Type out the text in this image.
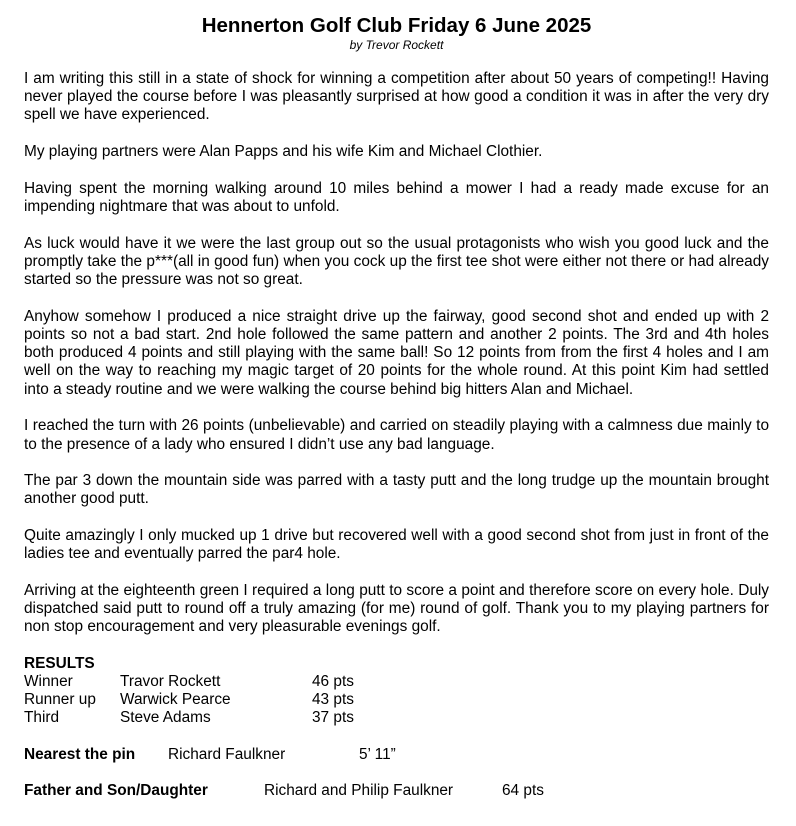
Hennerton Golf Club Friday 6 June 2025

by Trevor Rockett

I am writing this still in a state of shock for winning a competition after about 50 years of competing!! Having never played the course before I was pleasantly surprised at how good a condition it was in after the very dry spell we have experienced.

My playing partners were Alan Papps and his wife Kim and Michael Clothier.

Having spent the morning walking around 10 miles behind a mower I had a ready made excuse for an impending nightmare that was about to unfold.

As luck would have it we were the last group out so the usual protagonists who wish you good luck and the promptly take the p***(all in good fun) when you cock up the first tee shot were either not there or had already started so the pressure was not so great.

Anyhow somehow I produced a nice straight drive up the fairway, good second shot and ended up with 2 points so not a bad start. 2nd hole followed the same pattern and another 2 points. The 3rd and 4th holes both produced 4 points and still playing with the same ball! So 12 points from from the first 4 holes and I am well on the way to reaching my magic target of 20 points for the whole round. At this point Kim had settled into a steady routine and we were walking the course behind big hitters Alan and Michael.

I reached the turn with 26 points (unbelievable) and carried on steadily playing with a calmness due mainly to to the presence of a lady who ensured I didn’t use any bad language.

The par 3 down the mountain side was parred with a tasty putt and the long trudge up the mountain brought another good putt.

Quite amazingly I only mucked up 1 drive but recovered well with a good second shot from just in front of the ladies tee and eventually parred the par4 hole.

Arriving at the eighteenth green I required a long putt to score a point and therefore score on every hole. Duly dispatched said putt to round off a truly amazing (for me) round of golf. Thank you to my playing partners for non stop encouragement and very pleasurable evenings golf.

RESULTS
Winner	Travor Rockett	46 pts
Runner up Warwick Pearce	43 pts
Third	Steve Adams	37 pts
Nearest the pin Richard Faulkner	5’ 11”
Father and Son/Daughter	Richard and Philip Faulkner	64 pts
